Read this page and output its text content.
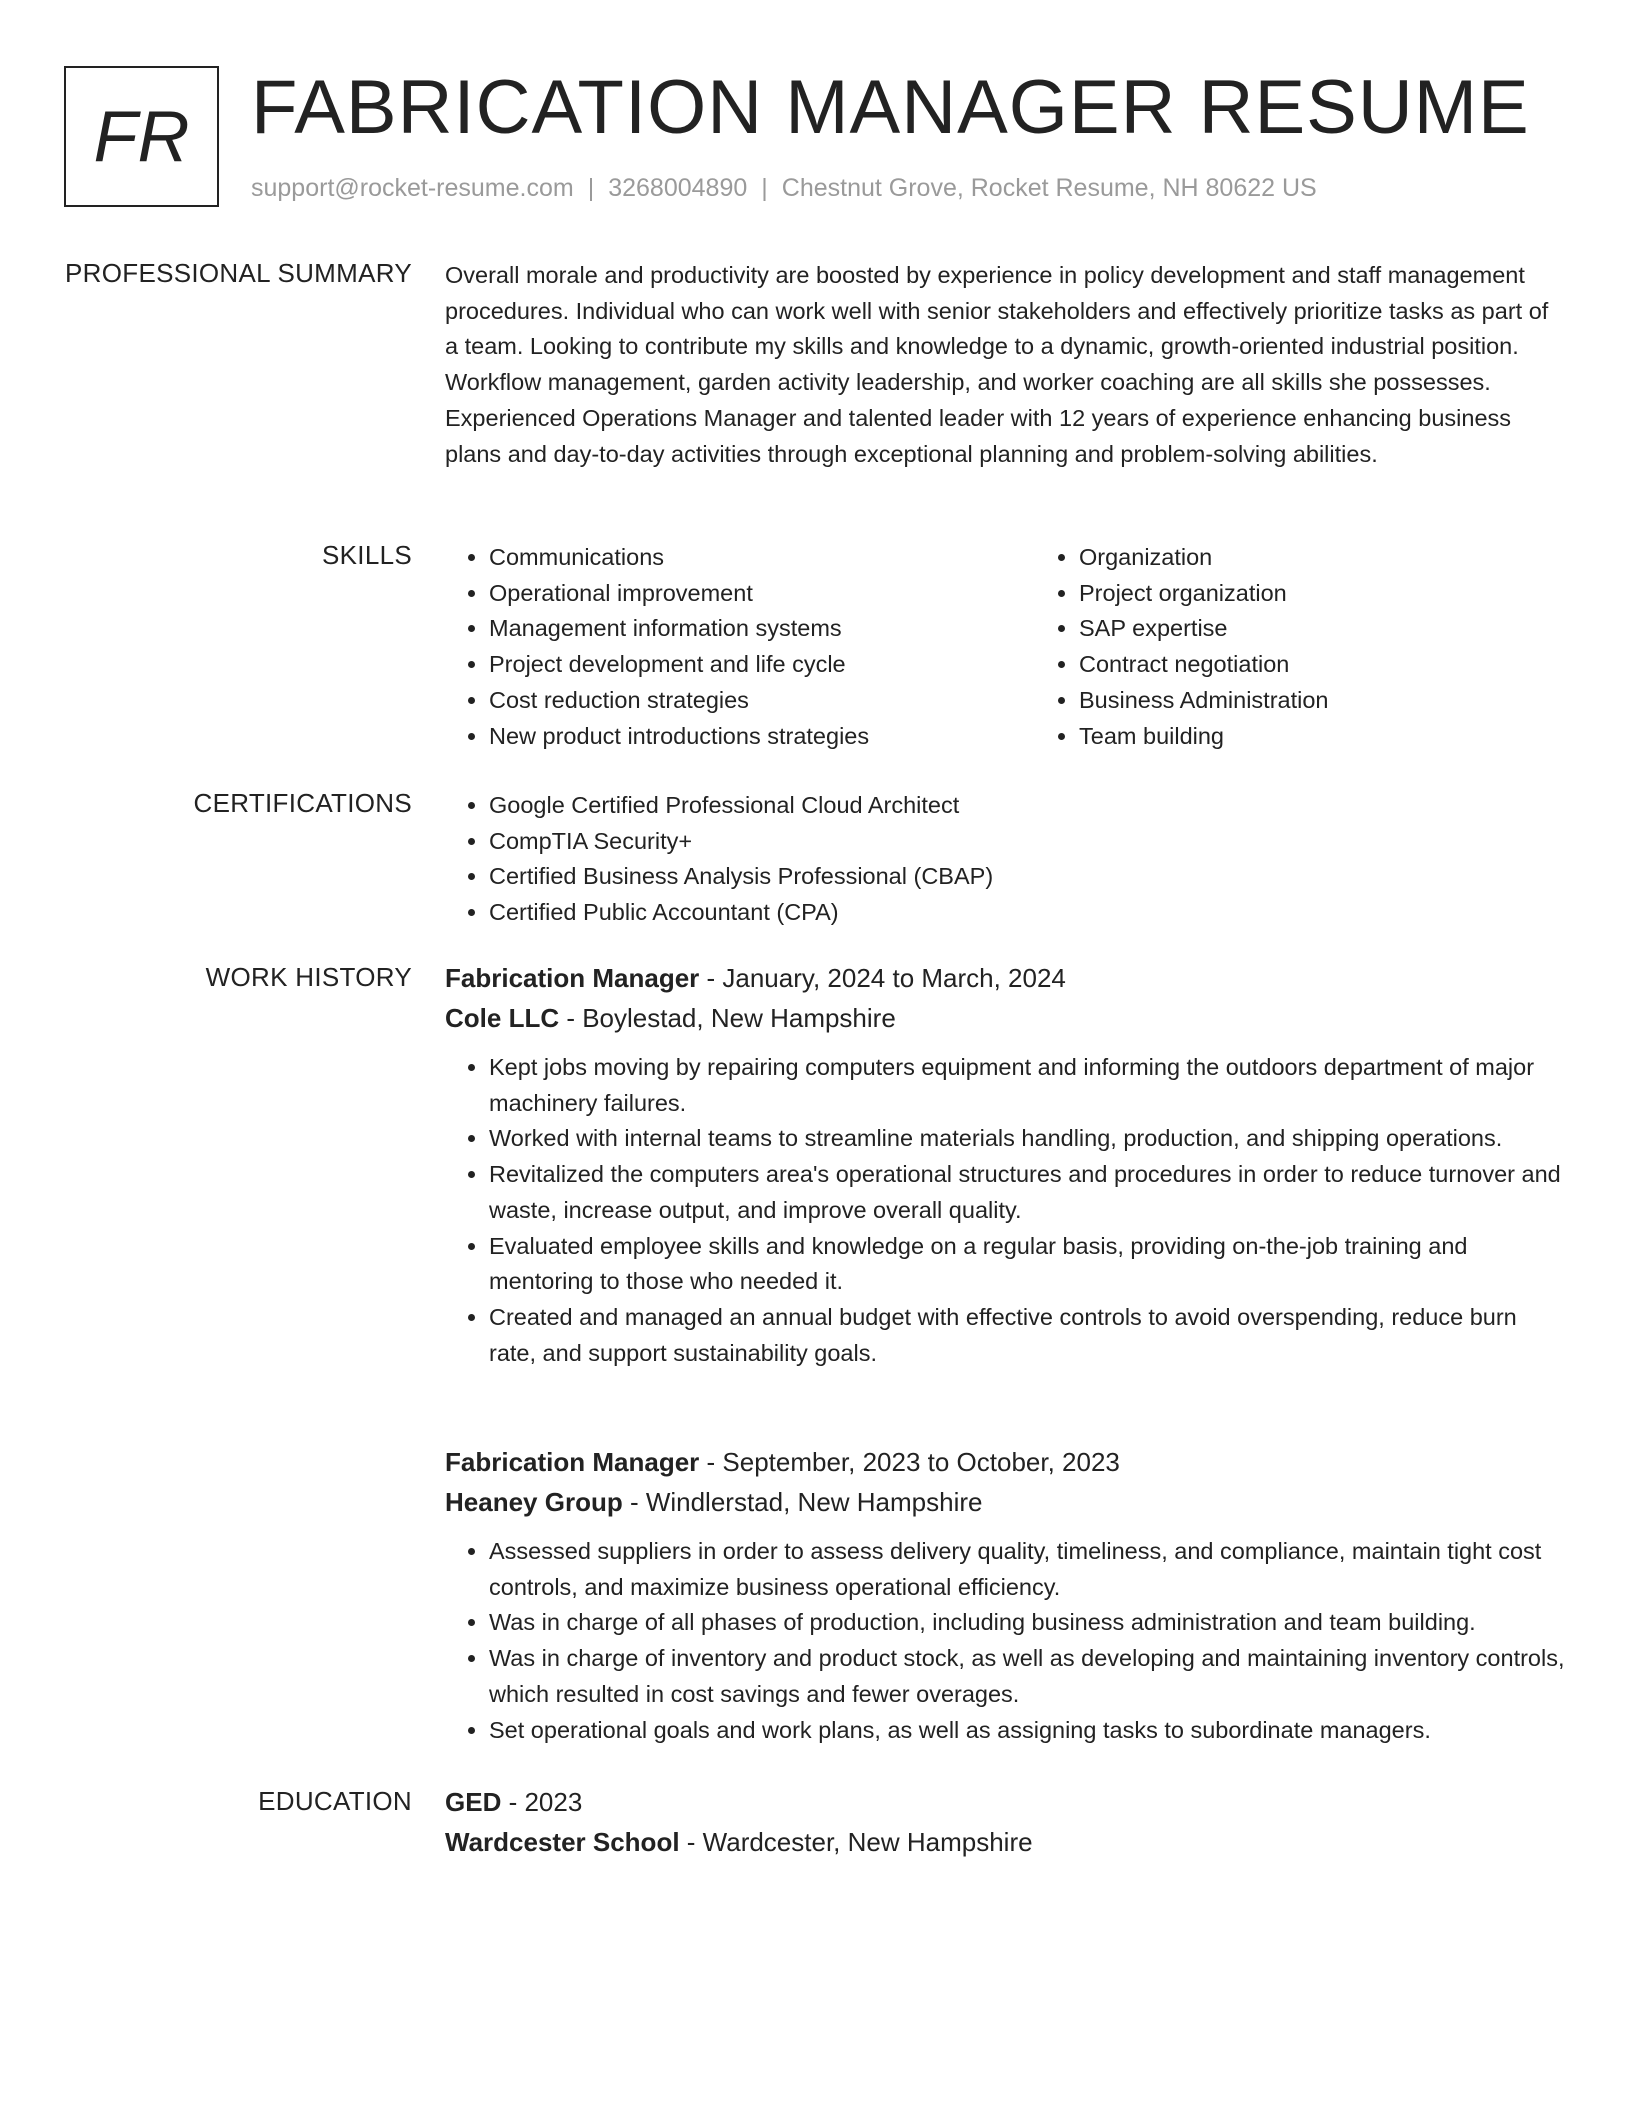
FR FABRICATION MANAGER RESUME
support@rocket-resume.com | 3268004890 | Chestnut Grove, Rocket Resume, NH 80622 US
PROFESSIONAL SUMMARY Overall morale and productivity are boosted by experience in policy development and staff management procedures. Individual who can work well with senior stakeholders and effectively prioritize tasks as part of a team. Looking to contribute my skills and knowledge to a dynamic, growth-oriented industrial position. Workflow management, garden activity leadership, and worker coaching are all skills she possesses. Experienced Operations Manager and talented leader with 12 years of experience enhancing business plans and day-to-day activities through exceptional planning and problem-solving abilities.
SKILLS	• Communications
• Operational improvement
• Management information systems
• Project development and life cycle
• Cost reduction strategies
• New product introductions strategies
• Organization
• Project organization
• SAP expertise
• Contract negotiation
• Business Administration
• Team building
CERTIFICATIONS	• Google Certified Professional Cloud Architect
• CompTIA Security+
• Certified Business Analysis Professional (CBAP)
• Certified Public Accountant (CPA)
WORK HISTORY Fabrication Manager - January, 2024 to March, 2024
Cole LLC - Boylestad, New Hampshire
• Kept jobs moving by repairing computers equipment and informing the outdoors department of major machinery failures.
• Worked with internal teams to streamline materials handling, production, and shipping operations.
• Revitalized the computers area's operational structures and procedures in order to reduce turnover and waste, increase output, and improve overall quality.
• Evaluated employee skills and knowledge on a regular basis, providing on-the-job training and mentoring to those who needed it.
• Created and managed an annual budget with effective controls to avoid overspending, reduce burn rate, and support sustainability goals.
Fabrication Manager - September, 2023 to October, 2023
Heaney Group - Windlerstad, New Hampshire
• Assessed suppliers in order to assess delivery quality, timeliness, and compliance, maintain tight cost controls, and maximize business operational efficiency.
• Was in charge of all phases of production, including business administration and team building.
• Was in charge of inventory and product stock, as well as developing and maintaining inventory controls, which resulted in cost savings and fewer overages.
• Set operational goals and work plans, as well as assigning tasks to subordinate managers.
EDUCATION GED - 2023
Wardcester School - Wardcester, New Hampshire
